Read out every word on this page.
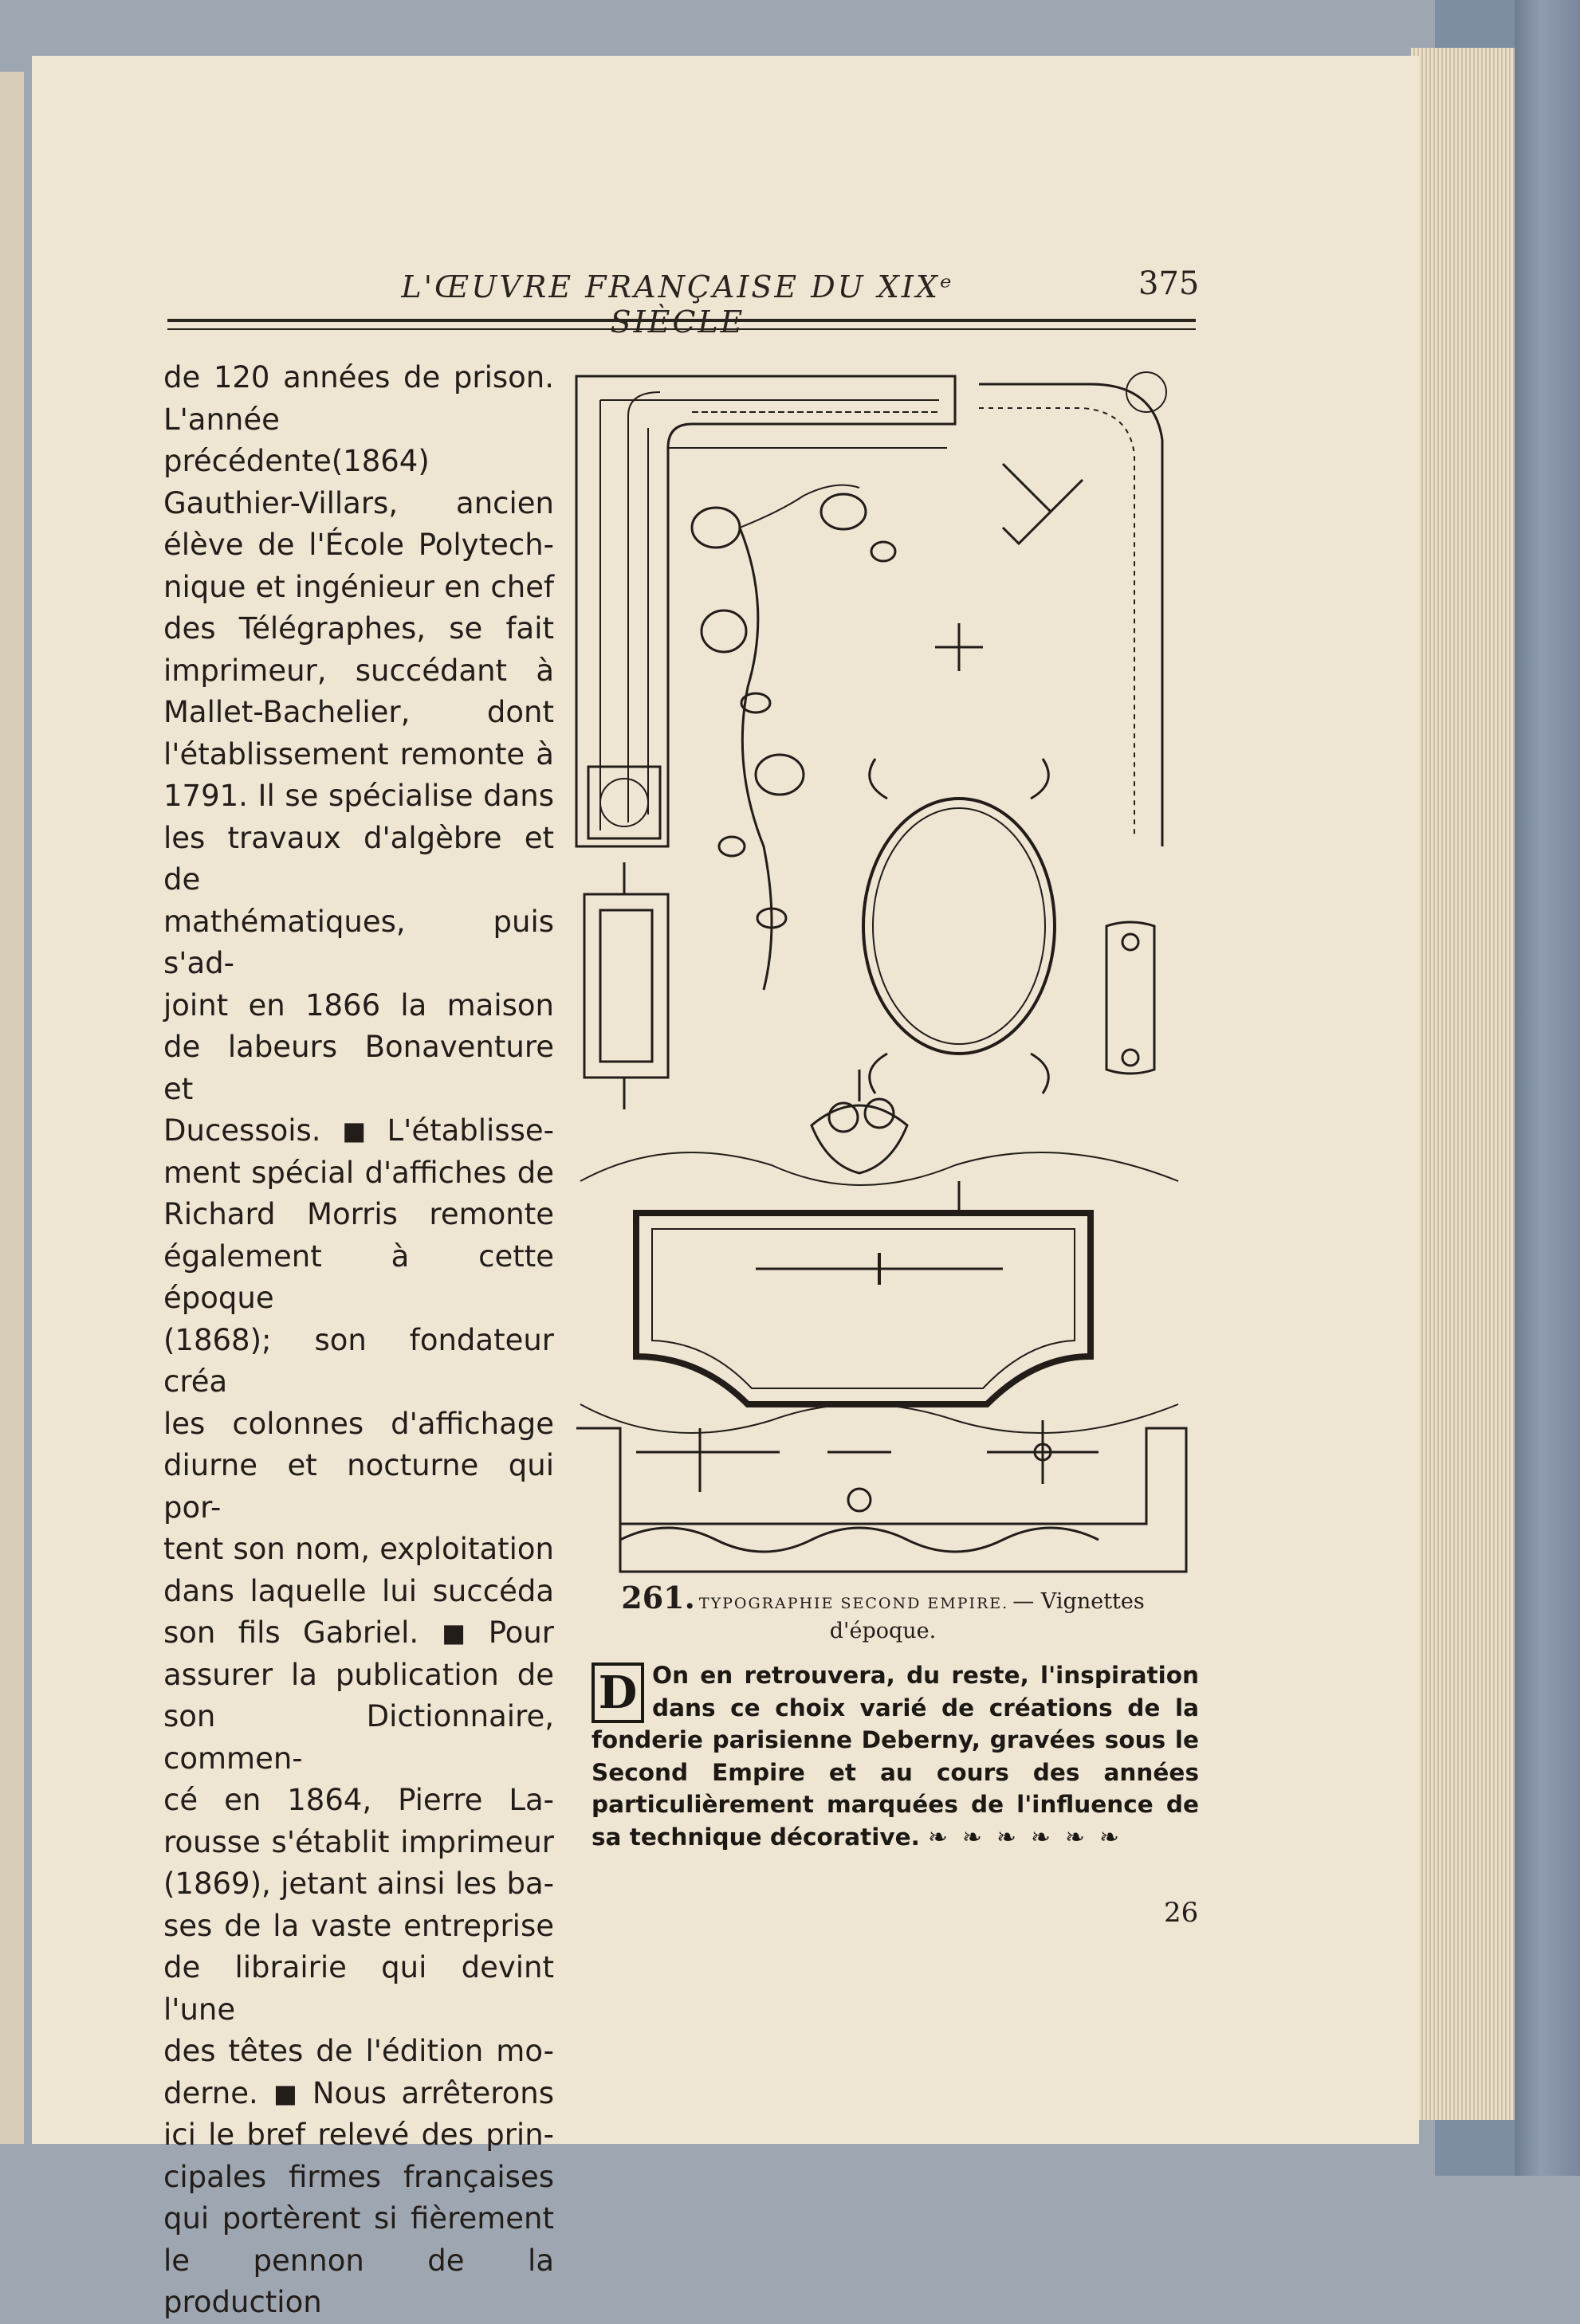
L'ŒUVRE FRANÇAISE DU XIXᵉ SIÈCLE
375

de 120 années de prison.

L'année précédente(1864)

Gauthier-Villars, ancien

élève de l'École Polytech-

nique et ingénieur en chef

des Télégraphes, se fait

imprimeur, succédant à

Mallet-Bachelier, dont

l'établissement remonte à

1791. Il se spécialise dans

les travaux d'algèbre et de

mathématiques, puis s'ad-

joint en 1866 la maison

de labeurs Bonaventure et

Ducessois. ◼ L'établisse-

ment spécial d'affiches de

Richard Morris remonte

également à cette époque

(1868); son fondateur créa

les colonnes d'affichage

diurne et nocturne qui por-

tent son nom, exploitation

dans laquelle lui succéda

son fils Gabriel. ◼ Pour

assurer la publication de

son Dictionnaire, commen-

cé en 1864, Pierre La-

rousse s'établit imprimeur

(1869), jetant ainsi les ba-

ses de la vaste entreprise

de librairie qui devint l'une

des têtes de l'édition mo-

derne. ◼ Nous arrêterons

ici le bref relevé des prin-

cipales firmes françaises

qui portèrent si fièrement

le pennon de la production

261. TYPOGRAPHIE SECOND EMPIRE. — Vignettes d'époque.
D On en retrouvera, du reste, l'inspiration dans ce choix varié de créations de la fonderie parisienne Deberny, gravées sous le Second Empire et au cours des années particulièrement marquées de l'influence de sa technique décorative. ❧ ❧ ❧ ❧ ❧ ❧
26
